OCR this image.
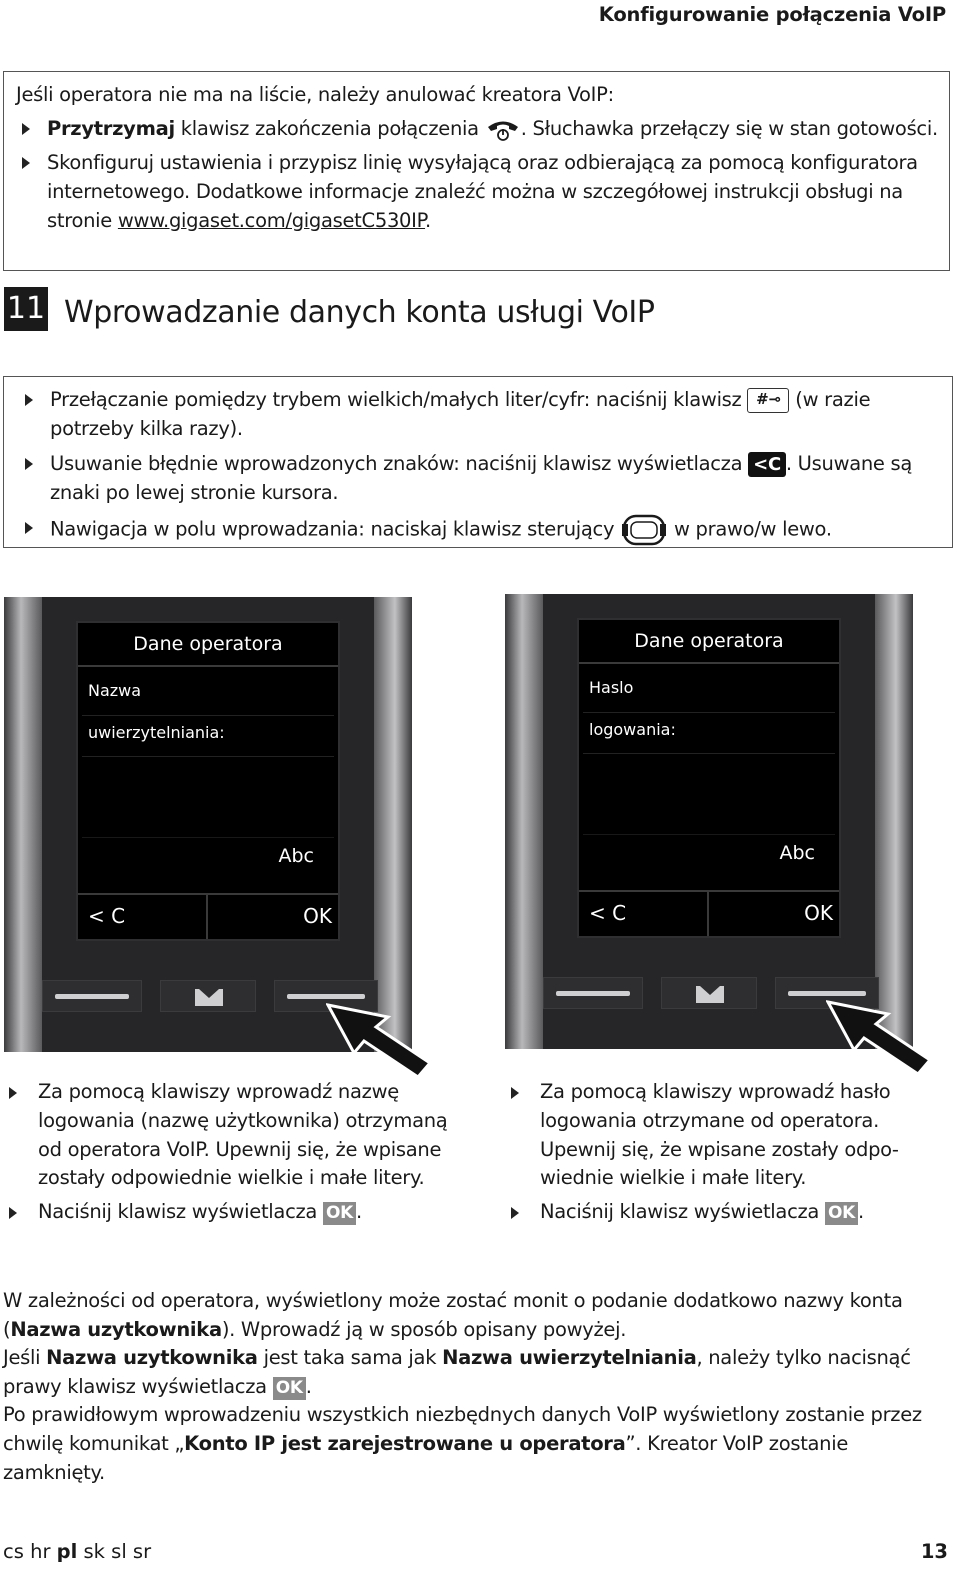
Konfigurowanie połączenia VoIP
Jeśli operatora nie ma na liście, należy anulować kreatora VoIP:
Przytrzymaj klawisz zakończenia połączenia . Słuchawka przełączy się w stan gotowości.
Skonfiguruj ustawienia i przypisz linię wysyłającą oraz odbierającą za pomocą konfiguratora internetowego. Dodatkowe informacje znaleźć można w szczegółowej instrukcji obsługi na stronie www.gigaset.com/gigasetC530IP.
11 Wprowadzanie danych konta usługi VoIP
Przełączanie pomiędzy trybem wielkich/małych liter/cyfr: naciśnij klawisz #⊸ (w razie potrzeby kilka razy).
Usuwanie błędnie wprowadzonych znaków: naciśnij klawisz wyświetlacza <C . Usuwane są znaki po lewej stronie kursora.
Nawigacja w polu wprowadzania: naciskaj klawisz sterujący  w prawo/w lewo.
Dane operatora
Nazwa
uwierzytelniania:
Abc
< C	OK
Dane operatora
Haslo
logowania:
Abc
< C	OK
Za pomocą klawiszy wprowadź nazwę logowania (nazwę użytkownika) otrzymaną od operatora VoIP. Upewnij się, że wpisane zostały odpowiednie wielkie i małe litery.
Naciśnij klawisz wyświetlacza OK .
Za pomocą klawiszy wprowadź hasło logowania otrzymane od operatora. Upewnij się, że wpisane zostały odpowiednie wielkie i małe litery.
Naciśnij klawisz wyświetlacza OK .
W zależności od operatora, wyświetlony może zostać monit o podanie dodatkowo nazwy konta (Nazwa uzytkownika). Wprowadź ją w sposób opisany powyżej.
Jeśli Nazwa uzytkownika jest taka sama jak Nazwa uwierzytelniania, należy tylko nacisnąć prawy klawisz wyświetlacza OK .
Po prawidłowym wprowadzeniu wszystkich niezbędnych danych VoIP wyświetlony zostanie przez chwilę komunikat „Konto IP jest zarejestrowane u operatora”. Kreator VoIP zostanie zamknięty.
cs hr pl sk sl sr	13
